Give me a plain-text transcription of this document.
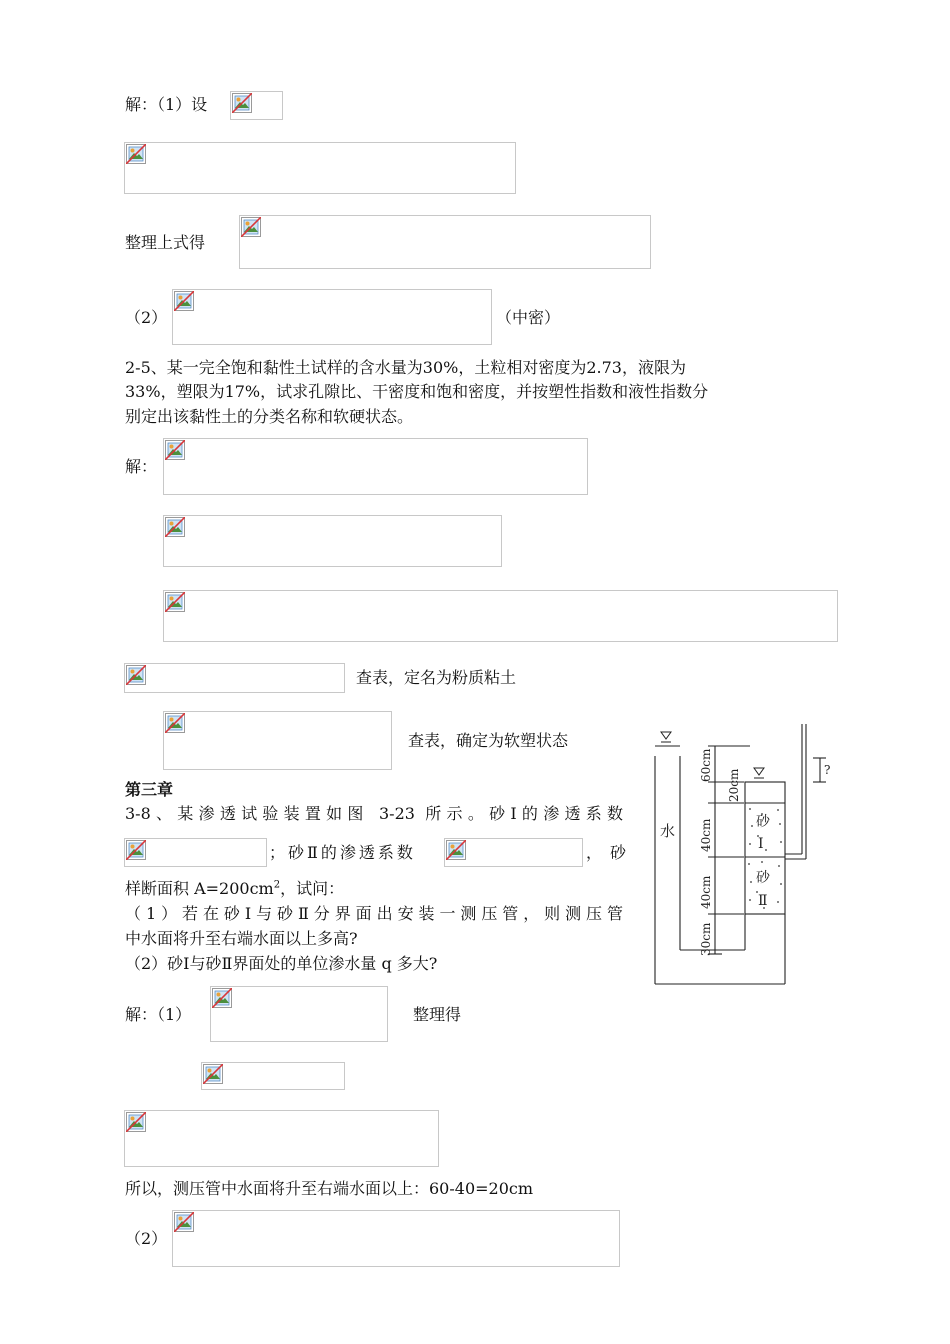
解：（1）设
整理上式得
（2）	（中密）
2-5、某一完全饱和黏性土试样的含水量为30%，土粒相对密度为2.73，液限为
33%，塑限为17%，试求孔隙比、干密度和饱和密度，并按塑性指数和液性指数分
别定出该黏性土的分类名称和软硬状态。
解：
查表，定名为粉质粘土
查表，确定为软塑状态
第三章
3-8、某渗透试验装置如图 3-23 所示。砂Ⅰ的渗透系数
；砂Ⅱ的渗透系数	，砂
样断面积 $A=200cm^2$，试问：
（1）若在砂Ⅰ与砂Ⅱ分界面出安装一测压管，则测压管
中水面将升至右端水面以上多高?
（2）砂Ⅰ与砂Ⅱ界面处的单位渗水量 q 多大?
水	砂
Ⅰ
砂
Ⅱ
60cm
20cm
40cm
40cm
30cm
?
解：（1）	整理得
所以，测压管中水面将升至右端水面以上：60-40=20cm
（2）
